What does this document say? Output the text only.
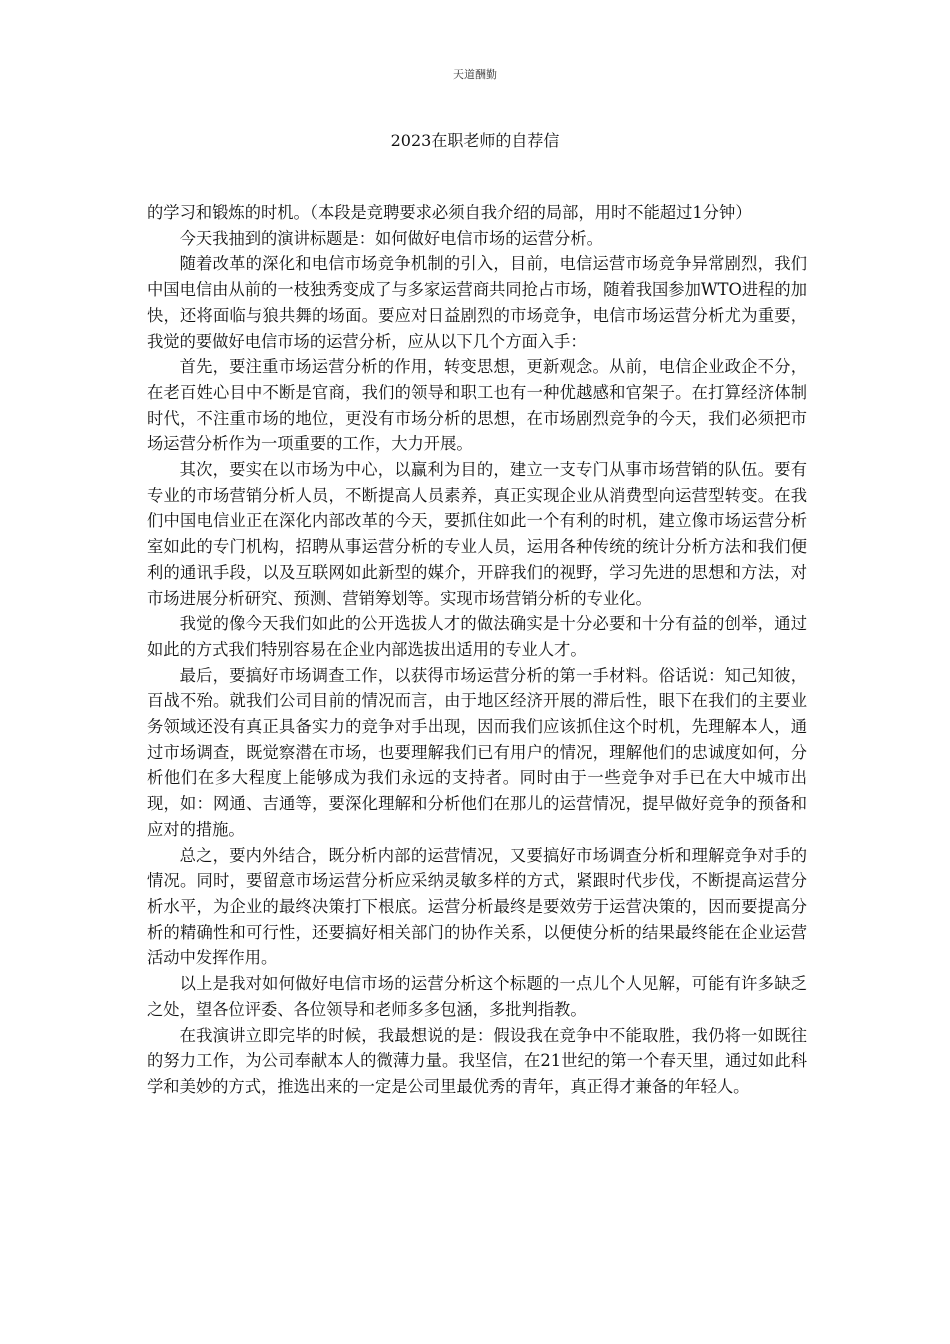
天道酬勤
2023在职老师的自荐信

的学习和锻炼的时机。（本段是竞聘要求必须自我介绍的局部，用时不能超过1分钟）

今天我抽到的演讲标题是：如何做好电信市场的运营分析。

随着改革的深化和电信市场竞争机制的引入，目前，电信运营市场竞争异常剧烈，我们中国电信由从前的一枝独秀变成了与多家运营商共同抢占市场，随着我国参加WTO进程的加快，还将面临与狼共舞的场面。要应对日益剧烈的市场竞争，电信市场运营分析尤为重要，我觉的要做好电信市场的运营分析，应从以下几个方面入手：

首先，要注重市场运营分析的作用，转变思想，更新观念。从前，电信企业政企不分，在老百姓心目中不断是官商，我们的领导和职工也有一种优越感和官架子。在打算经济体制时代，不注重市场的地位，更没有市场分析的思想，在市场剧烈竞争的今天，我们必须把市场运营分析作为一项重要的工作，大力开展。

其次，要实在以市场为中心，以赢利为目的，建立一支专门从事市场营销的队伍。要有专业的市场营销分析人员，不断提高人员素养，真正实现企业从消费型向运营型转变。在我们中国电信业正在深化内部改革的今天，要抓住如此一个有利的时机，建立像市场运营分析室如此的专门机构，招聘从事运营分析的专业人员，运用各种传统的统计分析方法和我们便利的通讯手段，以及互联网如此新型的媒介，开辟我们的视野，学习先进的思想和方法，对市场进展分析研究、预测、营销筹划等。实现市场营销分析的专业化。

我觉的像今天我们如此的公开选拔人才的做法确实是十分必要和十分有益的创举，通过如此的方式我们特别容易在企业内部选拔出适用的专业人才。

最后，要搞好市场调查工作，以获得市场运营分析的第一手材料。俗话说：知己知彼，百战不殆。就我们公司目前的情况而言，由于地区经济开展的滞后性，眼下在我们的主要业务领域还没有真正具备实力的竞争对手出现，因而我们应该抓住这个时机，先理解本人，通过市场调查，既觉察潜在市场，也要理解我们已有用户的情况，理解他们的忠诚度如何，分析他们在多大程度上能够成为我们永远的支持者。同时由于一些竞争对手已在大中城市出现，如：网通、吉通等，要深化理解和分析他们在那儿的运营情况，提早做好竞争的预备和应对的措施。

总之，要内外结合，既分析内部的运营情况，又要搞好市场调查分析和理解竞争对手的情况。同时，要留意市场运营分析应采纳灵敏多样的方式，紧跟时代步伐，不断提高运营分析水平，为企业的最终决策打下根底。运营分析最终是要效劳于运营决策的，因而要提高分析的精确性和可行性，还要搞好相关部门的协作关系，以便使分析的结果最终能在企业运营活动中发挥作用。

以上是我对如何做好电信市场的运营分析这个标题的一点儿个人见解，可能有许多缺乏之处，望各位评委、各位领导和老师多多包涵，多批判指教。

在我演讲立即完毕的时候，我最想说的是：假设我在竞争中不能取胜，我仍将一如既往的努力工作，为公司奉献本人的微薄力量。我坚信，在21世纪的第一个春天里，通过如此科学和美妙的方式，推选出来的一定是公司里最优秀的青年，真正得才兼备的年轻人。
